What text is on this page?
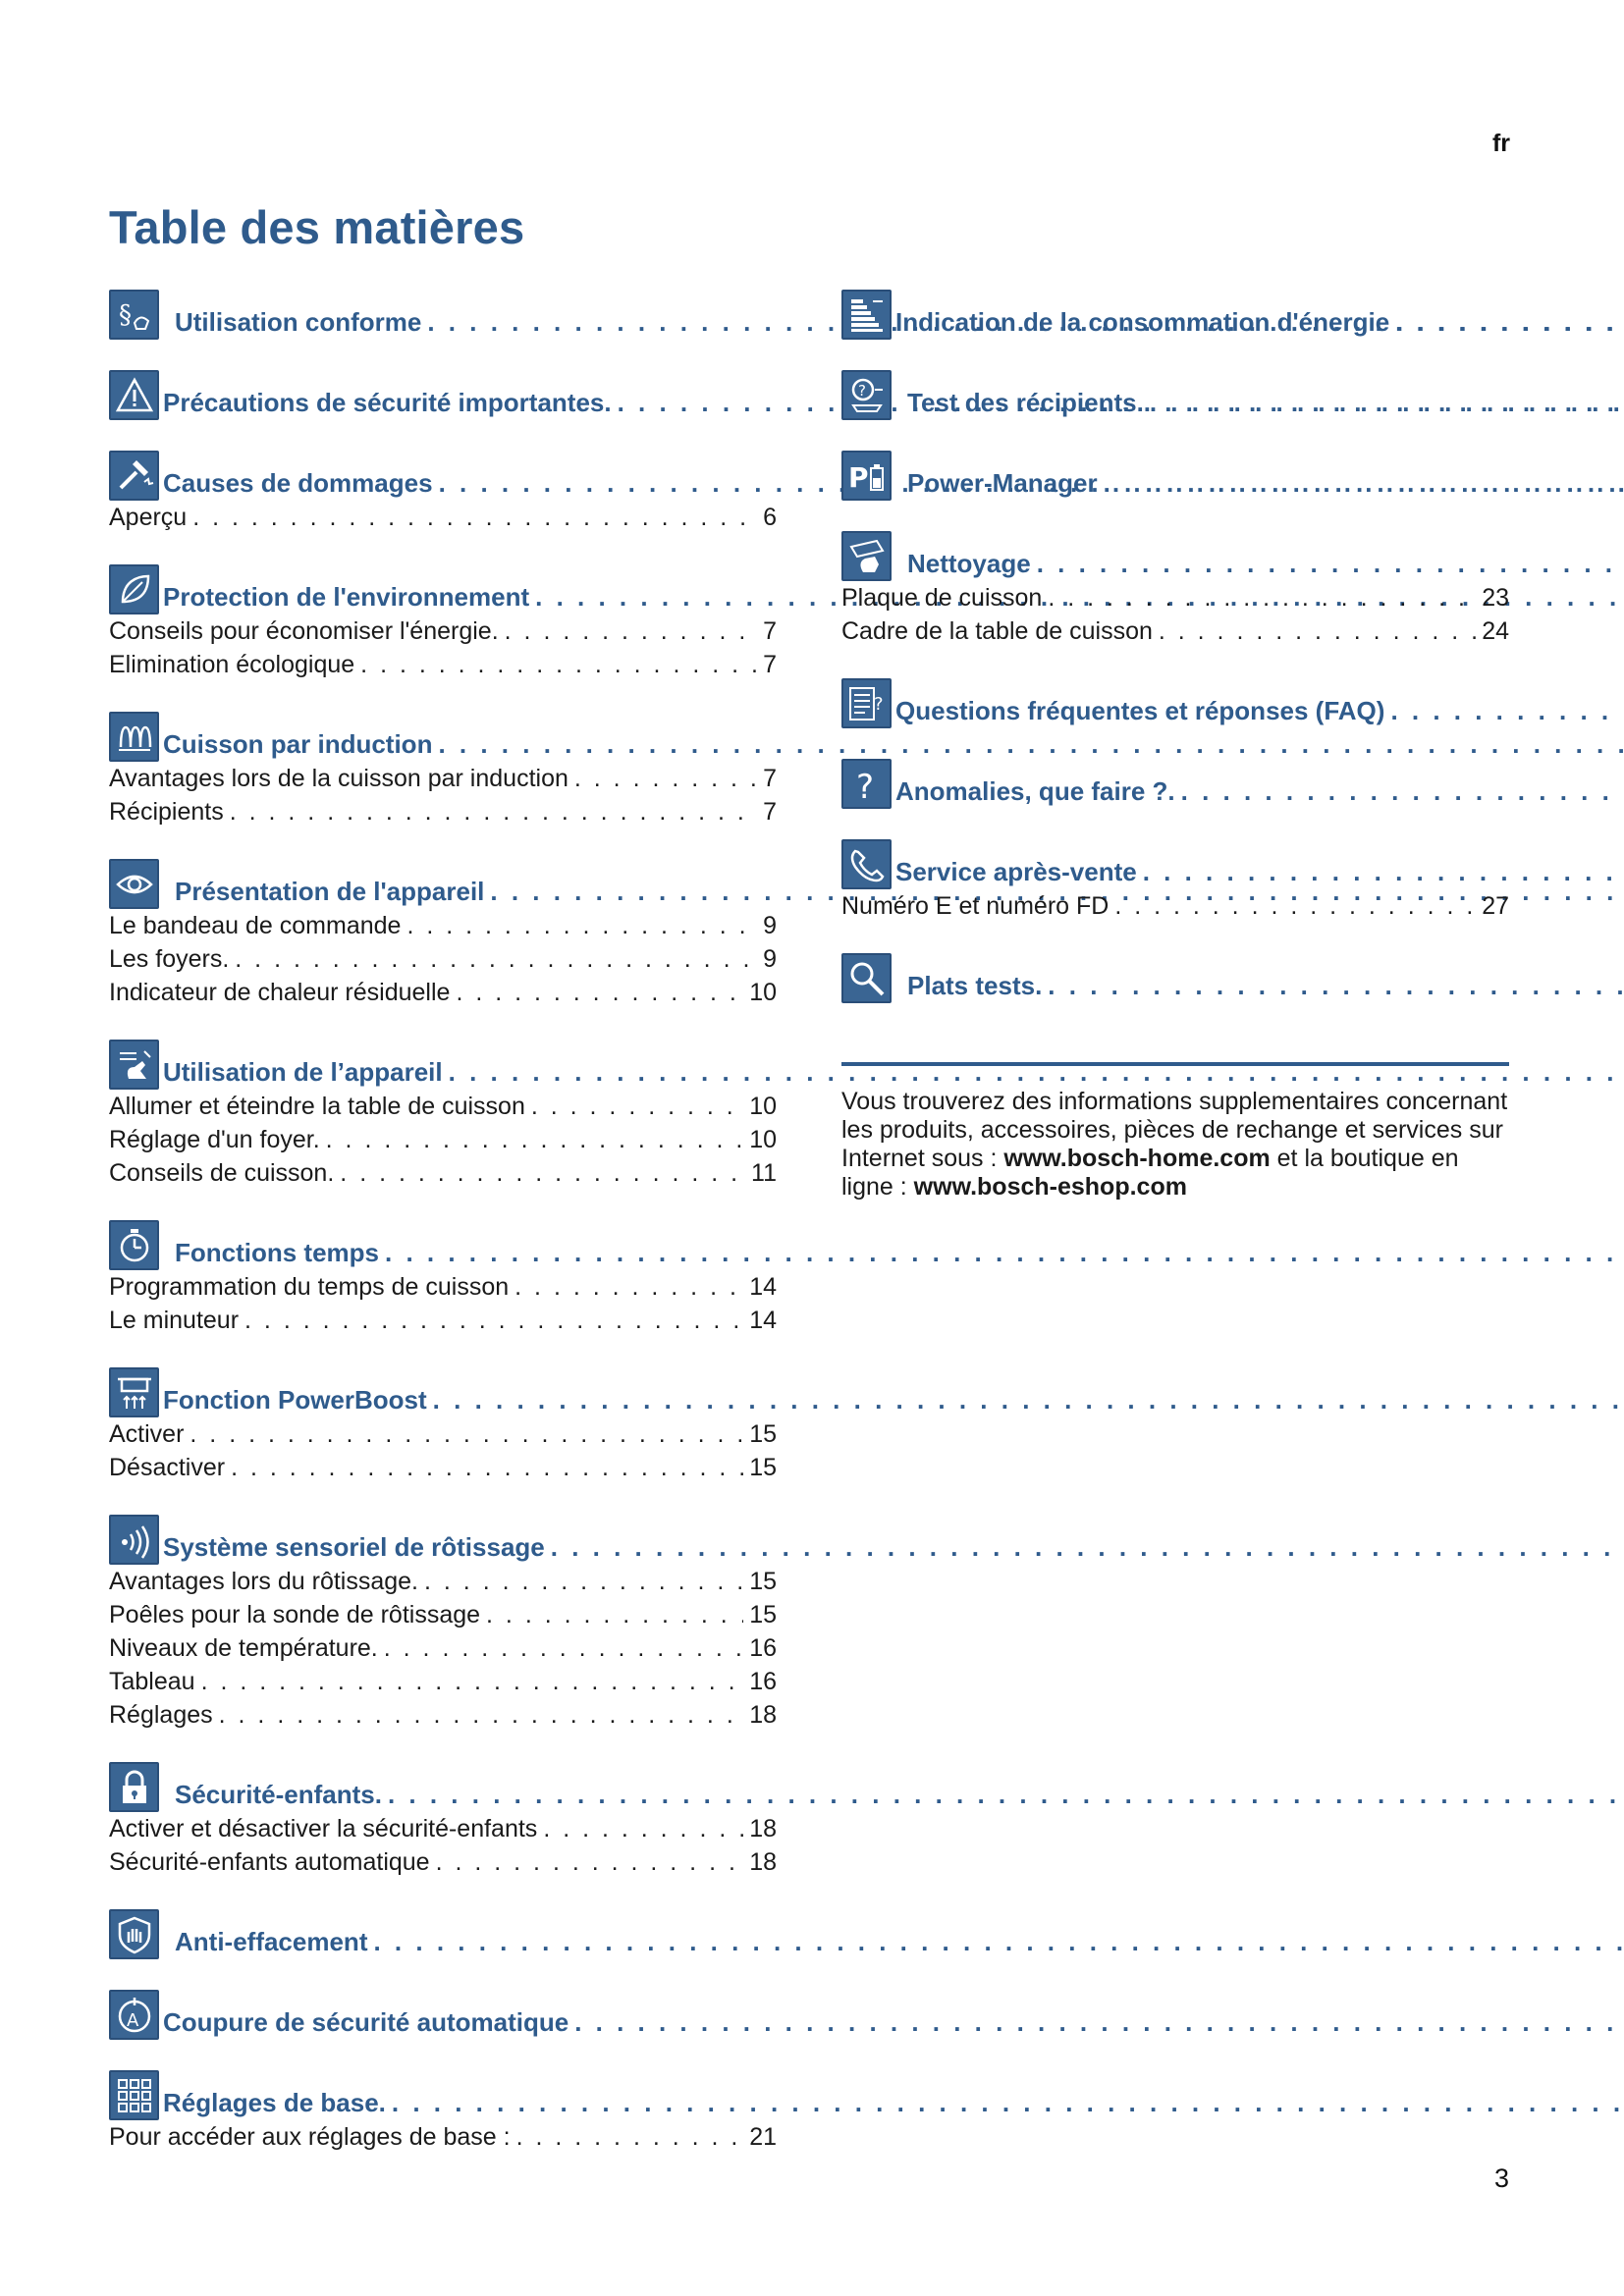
fr
Table des matières
§ Utilisation conforme
. . .
Précautions de sécurité importantes.
. . .
Causes de dommages
. . .
Aperçu . . .	6
Protection de l'environnement
. . .
Conseils pour économiser l'énergie. . . .	7
Elimination écologique . . .	7
Cuisson par induction
. . .
Avantages lors de la cuisson par induction . . .	7
Récipients . . .	7
Présentation de l'appareil
. . .
Le bandeau de commande . . .	9
Les foyers. . . .	9
Indicateur de chaleur résiduelle . . .	10
Utilisation de l’appareil
. . .
Allumer et éteindre la table de cuisson . . .	10
Réglage d'un foyer. . . .	10
Conseils de cuisson. . . .	11
Fonctions temps
. . .
Programmation du temps de cuisson . . .	14
Le minuteur . . .	14
Fonction PowerBoost
. . .
Activer . . .	15
Désactiver . . .	15
Système sensoriel de rôtissage
. . .
Avantages lors du rôtissage. . . .	15
Poêles pour la sonde de rôtissage . . .	15
Niveaux de température. . . .	16
Tableau . . .	16
Réglages . . .	18
Sécurité-enfants.
. . .
Activer et désactiver la sécurité-enfants . . .	18
Sécurité-enfants automatique . . .	18
Anti-effacement
. . .
A Coupure de sécurité automatique
. . .
Réglages de base.
. . .
Pour accéder aux réglages de base : . . .	21
Indication de la consommation d'énergie
. . .
? Test des récipients.
. . .
P Power-Manager
. . .
Nettoyage
. . .
Plaque de cuisson . . .	23
Cadre de la table de cuisson . . .	24
? Questions fréquentes et réponses (FAQ)
. . .
? Anomalies, que faire ?.
. . .
Service après-vente
. . .
Numéro E et numéro FD . . .	27
Plats tests.
. . .
Vous trouverez des informations supplementaires concernant les produits, accessoires, pièces de rechange et services sur Internet sous : www.bosch-home.com et la boutique en ligne : www.bosch-eshop.com
3
